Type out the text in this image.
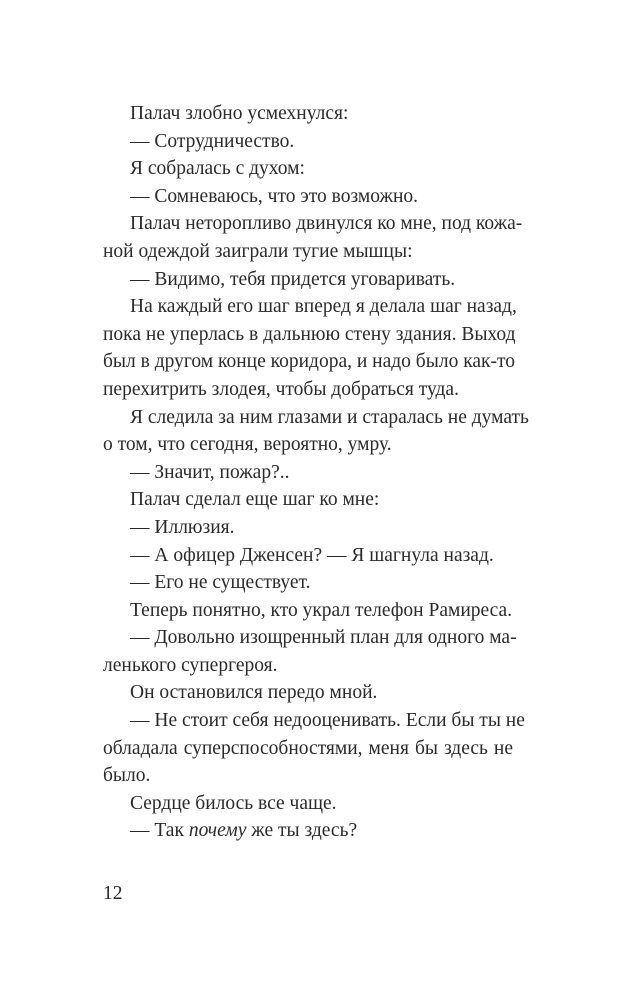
Палач злобно усмехнулся:
— Сотрудничество.
Я собралась с духом:
— Сомневаюсь, что это возможно.
Палач неторопливо двинулся ко мне, под кожа-
ной одеждой заиграли тугие мышцы:
— Видимо, тебя придется уговаривать.
На каждый его шаг вперед я делала шаг назад,
пока не уперлась в дальнюю стену здания. Выход
был в другом конце коридора, и надо было как-то
перехитрить злодея, чтобы добраться туда.
Я следила за ним глазами и старалась не думать
о том, что сегодня, вероятно, умру.
— Значит, пожар?..
Палач сделал еще шаг ко мне:
— Иллюзия.
— А офицер Дженсен? — Я шагнула назад.
— Его не существует.
Теперь понятно, кто украл телефон Рамиреса.
— Довольно изощренный план для одного ма-
ленького супергероя.
Он остановился передо мной.
— Не стоит себя недооценивать. Если бы ты не
обладала суперспособностями, меня бы здесь не
было.
Сердце билось все чаще.
— Так почему же ты здесь?
12
